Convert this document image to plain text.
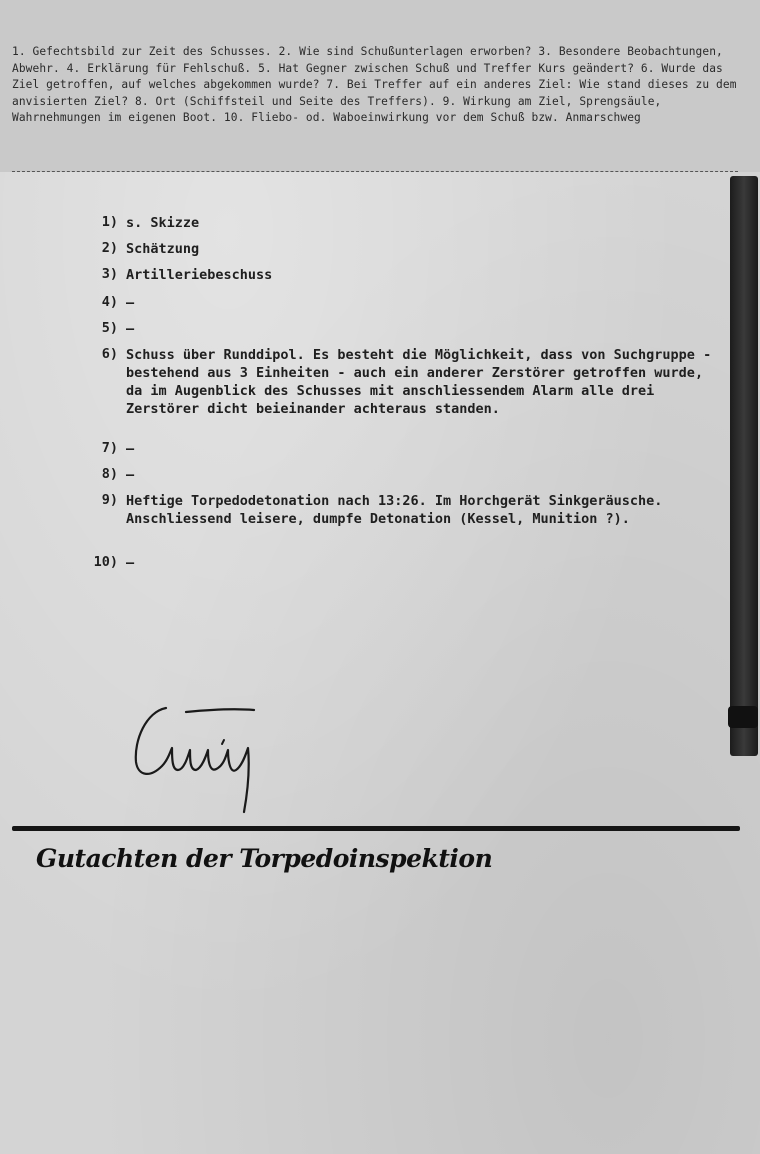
1. Gefechtsbild zur Zeit des Schusses. 2. Wie sind Schußunterlagen erworben? 3. Besondere Beobachtungen, Abwehr. 4. Erklärung für Fehlschuß. 5. Hat Gegner zwischen Schuß und Treffer Kurs geändert? 6. Wurde das Ziel getroffen, auf welches abgekommen wurde? 7. Bei Treffer auf ein anderes Ziel: Wie stand dieses zu dem anvisierten Ziel? 8. Ort (Schiffsteil und Seite des Treffers). 9. Wirkung am Ziel, Sprengsäule, Wahrnehmungen im eigenen Boot. 10. Fliebo- od. Waboeinwirkung vor dem Schuß bzw. Anmarschweg
1) s. Skizze
2) Schätzung
3) Artilleriebeschuss
4) —
5) —
6) Schuss über Runddipol. Es besteht die Möglichkeit, dass von Suchgruppe - bestehend aus 3 Einheiten - auch ein anderer Zerstörer getroffen wurde, da im Augenblick des Schusses mit anschliessendem Alarm alle drei Zerstörer dicht beieinander achteraus standen.
7) —
8) —
9) Heftige Torpedodetonation nach 13:26. Im Horchgerät Sinkgeräusche. Anschliessend leisere, dumpfe Detonation (Kessel, Munition ?).
10) —
Gutachten der Torpedoinspektion
